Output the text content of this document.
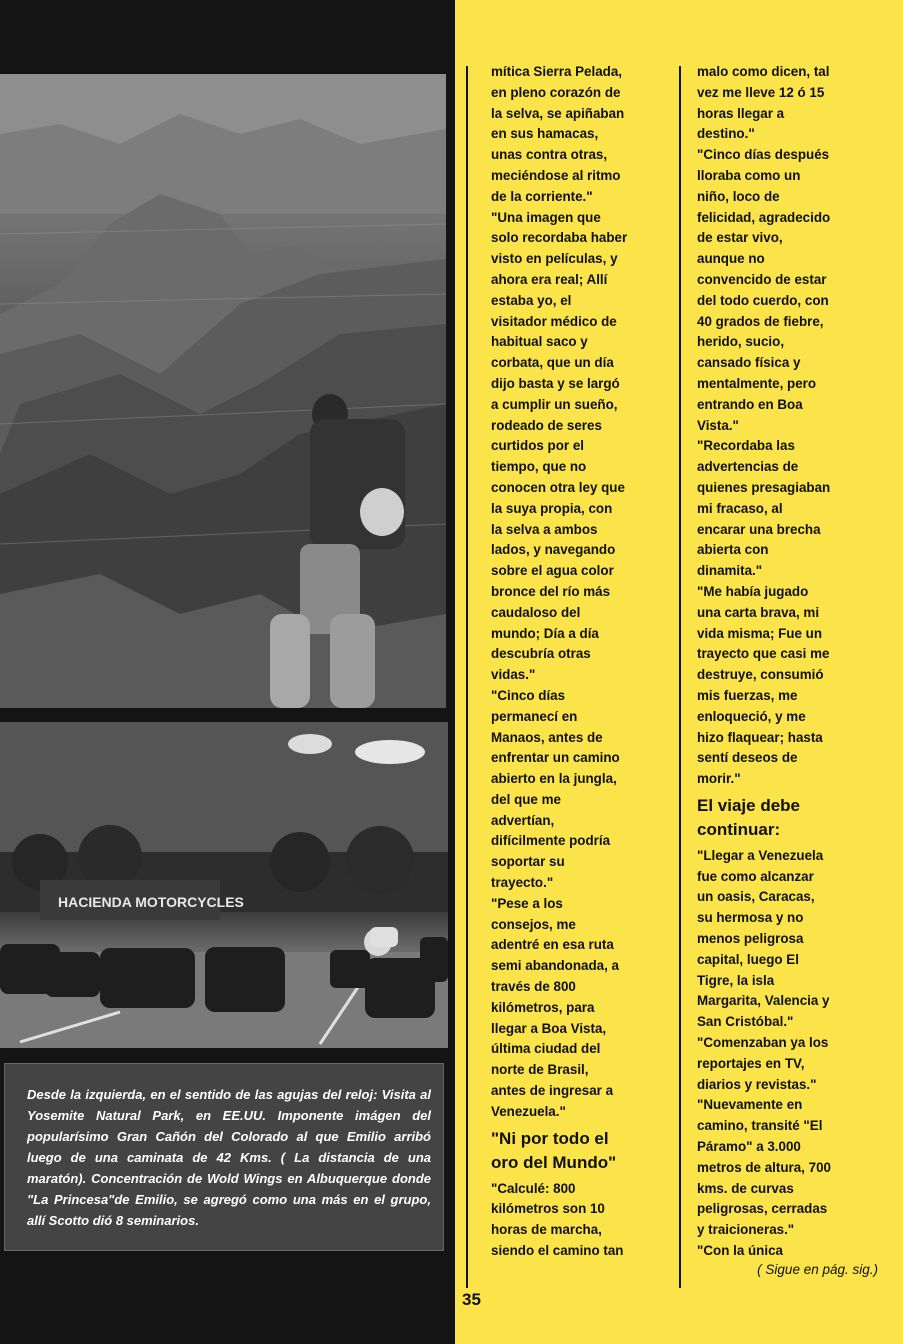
HACIENDA MOTORCYCLES

Desde la izquierda, en el sentido de las agujas del reloj: Visita al Yosemite Natural Park, en EE.UU. Imponente imágen del popularísimo Gran Cañón del Colorado al que Emilio arribó luego de una caminata de 42 Kms. ( La distancia de una maratón). Concentración de Wold Wings en Albuquerque donde "La Princesa"de Emilio, se agregó como una más en el grupo, allí Scotto dió 8 seminarios.

mítica Sierra Pelada,
en pleno corazón de
la selva, se apiñaban
en sus hamacas,
unas contra otras,
meciéndose al ritmo
de la corriente."

"Una imagen que
solo recordaba haber
visto en películas, y
ahora era real; Allí
estaba yo, el
visitador médico de
habitual saco y
corbata, que un día
dijo basta y se largó
a cumplir un sueño,
rodeado de seres
curtidos por el
tiempo, que no
conocen otra ley que
la suya propia, con
la selva a ambos
lados, y navegando
sobre el agua color
bronce del río más
caudaloso del
mundo; Día a día
descubría otras
vidas."

"Cinco días
permanecí en
Manaos, antes de
enfrentar un camino
abierto en la jungla,
del que me
advertían,
difícilmente podría
soportar su
trayecto."

"Pese a los
consejos, me
adentré en esa ruta
semi abandonada, a
través de 800
kilómetros, para
llegar a Boa Vista,
última ciudad del
norte de Brasil,
antes de ingresar a
Venezuela."

"Ni por todo el
oro del Mundo"

"Calculé: 800
kilómetros son 10
horas de marcha,
siendo el camino tan

malo como dicen, tal
vez me lleve 12 ó 15
horas llegar a
destino."

"Cinco días después
lloraba como un
niño, loco de
felicidad, agradecido
de estar vivo,
aunque no
convencido de estar
del todo cuerdo, con
40 grados de fiebre,
herido, sucio,
cansado física y
mentalmente, pero
entrando en Boa
Vista."

"Recordaba las
advertencias de
quienes presagiaban
mi fracaso, al
encarar una brecha
abierta con
dinamita."

"Me había jugado
una carta brava, mi
vida misma; Fue un
trayecto que casi me
destruye, consumió
mis fuerzas, me
enloqueció, y me
hizo flaquear; hasta
sentí deseos de
morir."

El viaje debe
continuar:

"Llegar a Venezuela
fue como alcanzar
un oasis, Caracas,
su hermosa y no
menos peligrosa
capital, luego El
Tigre, la isla
Margarita, Valencia y
San Cristóbal."

"Comenzaban ya los
reportajes en TV,
diarios y revistas."

"Nuevamente en
camino, transité "El
Páramo" a 3.000
metros de altura, 700
kms. de curvas
peligrosas, cerradas
y traicioneras."

"Con la única

( Sigue en pág. sig.)

35
